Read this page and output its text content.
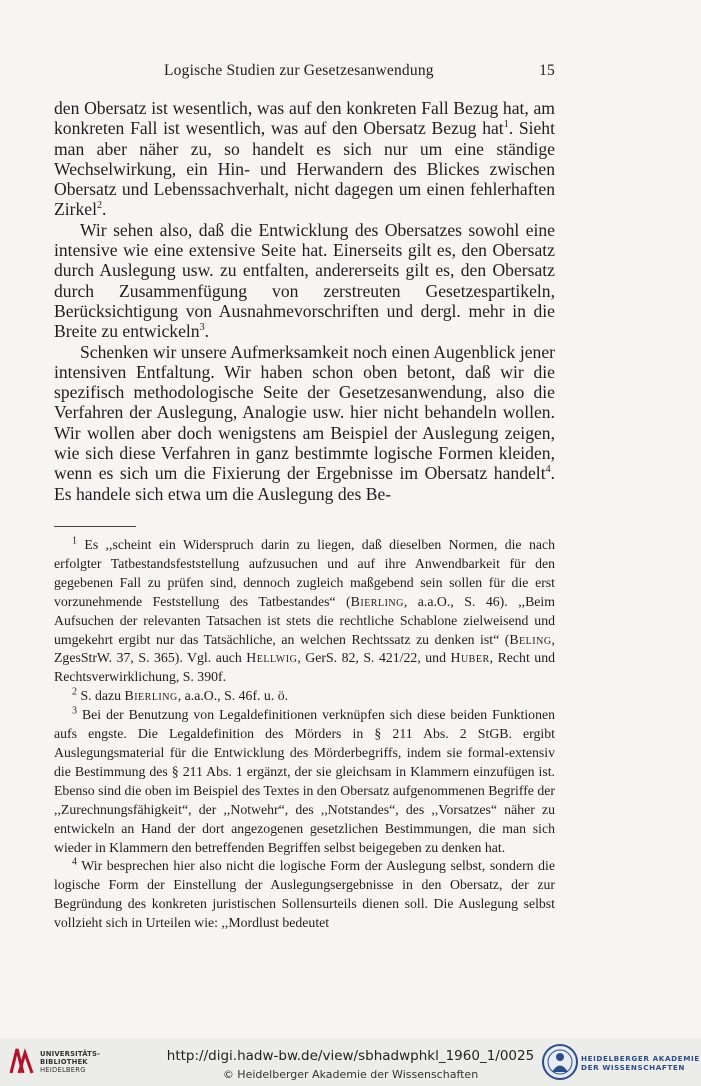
Logische Studien zur Gesetzesanwendung	15

den Obersatz ist wesentlich, was auf den konkreten Fall Bezug hat, am konkreten Fall ist wesentlich, was auf den Obersatz Bezug hat$^1$. Sieht man aber näher zu, so handelt es sich nur um eine ständige Wechselwirkung, ein Hin- und Herwandern des Blickes zwischen Obersatz und Lebenssachverhalt, nicht dagegen um einen fehlerhaften Zirkel$^2$.

Wir sehen also, daß die Entwicklung des Obersatzes sowohl eine intensive wie eine extensive Seite hat. Einerseits gilt es, den Obersatz durch Auslegung usw. zu entfalten, andererseits gilt es, den Obersatz durch Zusammenfügung von zerstreuten Gesetzespartikeln, Berücksichtigung von Ausnahmevorschriften und dergl. mehr in die Breite zu entwickeln$^3$.

Schenken wir unsere Aufmerksamkeit noch einen Augenblick jener intensiven Entfaltung. Wir haben schon oben betont, daß wir die spezifisch methodologische Seite der Gesetzesanwendung, also die Verfahren der Auslegung, Analogie usw. hier nicht behandeln wollen. Wir wollen aber doch wenigstens am Beispiel der Auslegung zeigen, wie sich diese Verfahren in ganz bestimmte logische Formen kleiden, wenn es sich um die Fixierung der Ergebnisse im Obersatz handelt$^4$. Es handele sich etwa um die Auslegung des Be-

$^1$ Es ,,scheint ein Widerspruch darin zu liegen, daß dieselben Normen, die nach erfolgter Tatbestandsfeststellung aufzusuchen und auf ihre Anwendbarkeit für den gegebenen Fall zu prüfen sind, dennoch zugleich maßgebend sein sollen für die erst vorzunehmende Feststellung des Tatbestandes“ (Bierling, a.a.O., S. 46). ,,Beim Aufsuchen der relevanten Tatsachen ist stets die rechtliche Schablone zielweisend und umgekehrt ergibt nur das Tatsächliche, an welchen Rechtssatz zu denken ist“ (Beling, ZgesStrW. 37, S. 365). Vgl. auch Hellwig, GerS. 82, S. 421/22, und Huber, Recht und Rechtsverwirklichung, S. 390f.

$^2$ S. dazu Bierling, a.a.O., S. 46f. u. ö.

$^3$ Bei der Benutzung von Legaldefinitionen verknüpfen sich diese beiden Funktionen aufs engste. Die Legaldefinition des Mörders in § 211 Abs. 2 StGB. ergibt Auslegungsmaterial für die Entwicklung des Mörderbegriffs, indem sie formal-extensiv die Bestimmung des § 211 Abs. 1 ergänzt, der sie gleichsam in Klammern einzufügen ist. Ebenso sind die oben im Beispiel des Textes in den Obersatz aufgenommenen Begriffe der ,,Zurechnungsfähigkeit“, der ,,Notwehr“, des ,,Notstandes“, des ,,Vorsatzes“ näher zu entwickeln an Hand der dort angezogenen gesetzlichen Bestimmungen, die man sich wieder in Klammern den betreffenden Begriffen selbst beigegeben zu denken hat.

$^4$ Wir besprechen hier also nicht die logische Form der Auslegung selbst, sondern die logische Form der Einstellung der Auslegungsergebnisse in den Obersatz, der zur Begründung des konkreten juristischen Sollensurteils dienen soll. Die Auslegung selbst vollzieht sich in Urteilen wie: ,,Mordlust bedeutet

UNIVERSITÄTS-
BIBLIOTHEK
HEIDELBERG
http://digi.hadw-bw.de/view/sbhadwphkl_1960_1/0025
© Heidelberger Akademie der Wissenschaften
HEIDELBERGER AKADEMIE
DER WISSENSCHAFTEN
